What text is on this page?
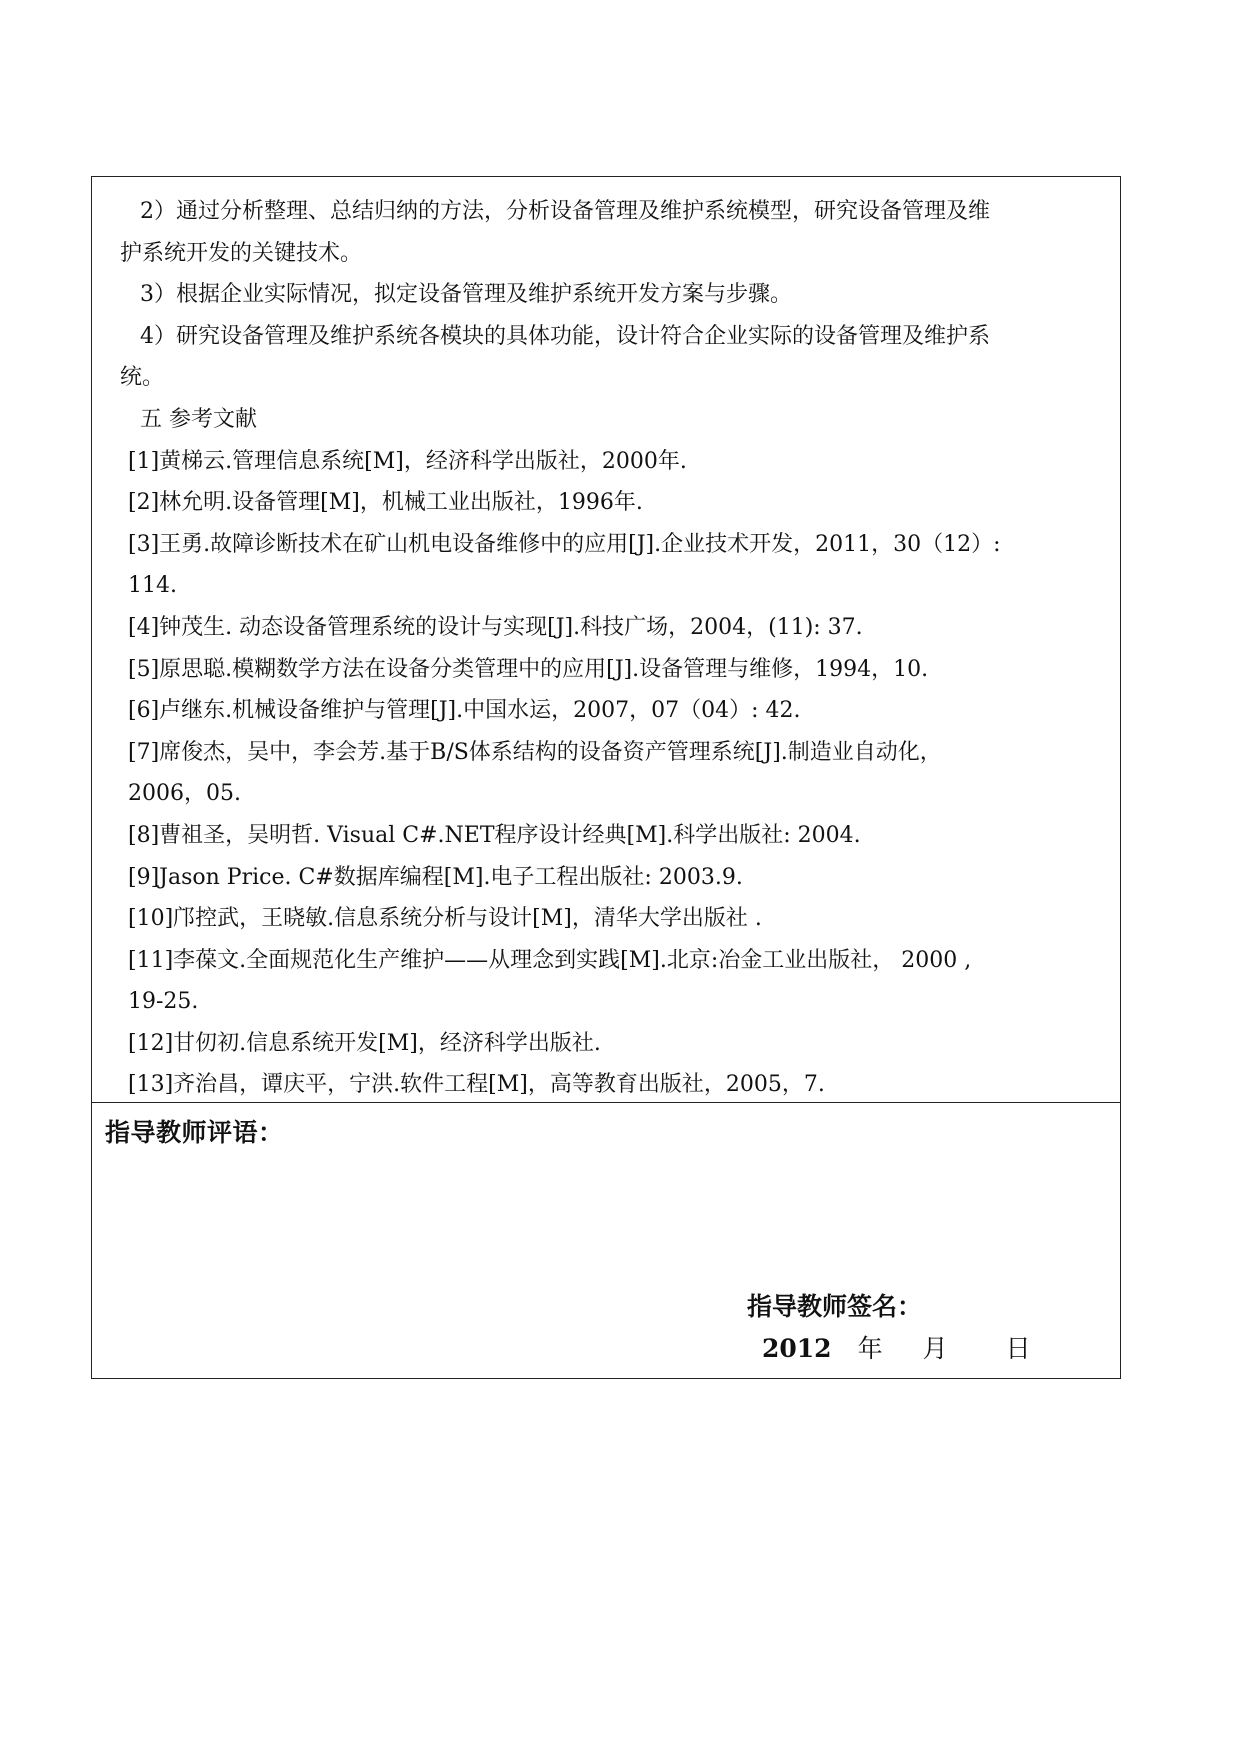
2）通过分析整理、总结归纳的方法，分析设备管理及维护系统模型，研究设备管理及维

护系统开发的关键技术。

3）根据企业实际情况，拟定设备管理及维护系统开发方案与步骤。

4）研究设备管理及维护系统各模块的具体功能，设计符合企业实际的设备管理及维护系

统。

五 参考文献

[1]黄梯云.管理信息系统[M]，经济科学出版社，2000年.

[2]林允明.设备管理[M]，机械工业出版社，1996年.

[3]王勇.故障诊断技术在矿山机电设备维修中的应用[J].企业技术开发，2011，30（12）:

114.

[4]钟茂生. 动态设备管理系统的设计与实现[J].科技广场，2004，(11): 37.

[5]原思聪.模糊数学方法在设备分类管理中的应用[J].设备管理与维修，1994，10.

[6]卢继东.机械设备维护与管理[J].中国水运，2007，07（04）: 42.

[7]席俊杰，吴中，李会芳.基于B/S体系结构的设备资产管理系统[J].制造业自动化，

2006，05.

[8]曹祖圣，吴明哲. Visual C#.NET程序设计经典[M].科学出版社: 2004.

[9]Jason Price. C#数据库编程[M].电子工程出版社: 2003.9.

[10]邝控武，王晓敏.信息系统分析与设计[M]，清华大学出版社 .

[11]李葆文.全面规范化生产维护——从理念到实践[M].北京:冶金工业出版社， 2000 ,

19-25.

[12]甘仞初.信息系统开发[M]，经济科学出版社.

[13]齐治昌，谭庆平，宁洪.软件工程[M]，高等教育出版社，2005，7.

指导教师评语：
指导教师签名：
2012 年 月 日
